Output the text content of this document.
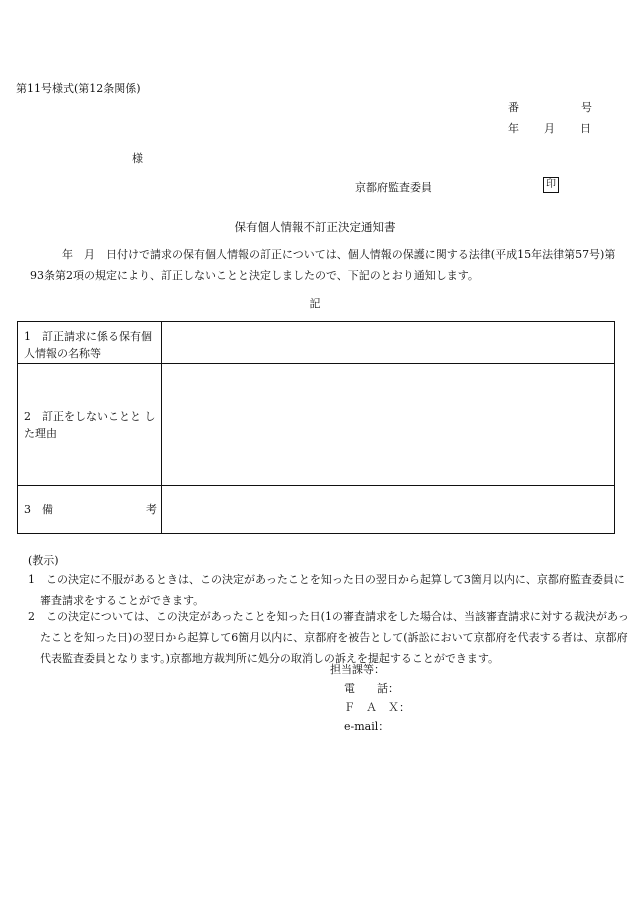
第11号様式(第12条関係)
番	号
年 月 日
様
京都府監査委員	印
保有個人情報不訂正決定通知書
年　月　日付けで請求の保有個人情報の訂正については、個人情報の保護に関する法律(平成15年法律第57号)第93条第2項の規定により、訂正しないことと決定しましたので、下記のとおり通知します。
記
1　訂正請求に係る保有個人情報の名称等	
2　訂正をしないことと した理由	

3　備 考	

(教示)
1　この決定に不服があるときは、この決定があったことを知った日の翌日から起算して3箇月以内に、京都府監査委員に審査請求をすることができます。
2　この決定については、この決定があったことを知った日(1の審査請求をした場合は、当該審査請求に対する裁決があったことを知った日)の翌日から起算して6箇月以内に、京都府を被告として(訴訟において京都府を代表する者は、京都府代表監査委員となります。)京都地方裁判所に処分の取消しの訴えを提起することができます。
担当課等：
電　　話：
Ｆ　Ａ　Ｘ：
e-mail：
